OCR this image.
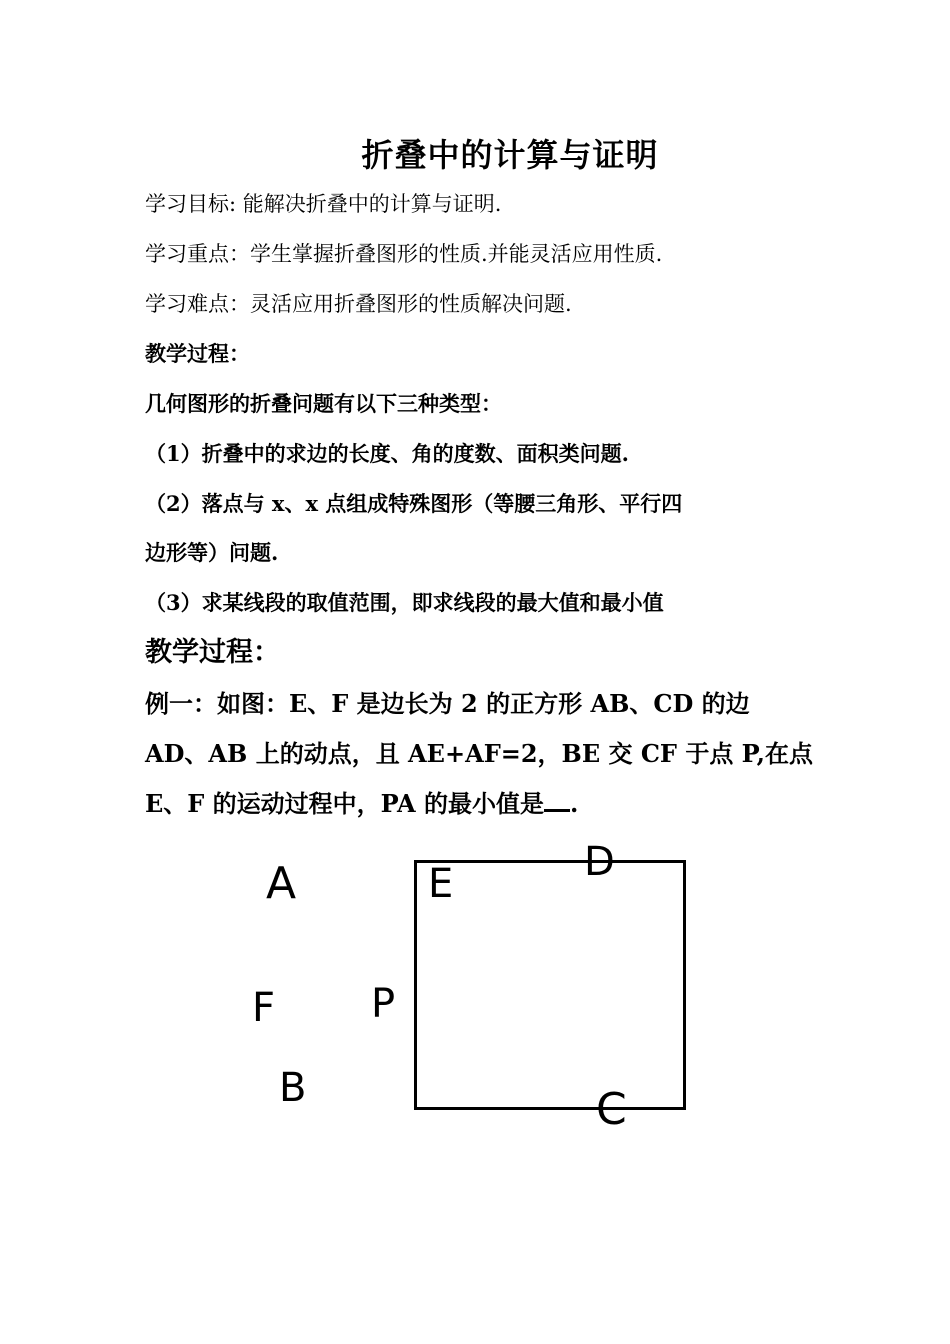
折叠中的计算与证明
学习目标: 能解决折叠中的计算与证明.
学习重点：学生掌握折叠图形的性质.并能灵活应用性质.
学习难点：灵活应用折叠图形的性质解决问题.
教学过程：
几何图形的折叠问题有以下三种类型：
（1）折叠中的求边的长度、角的度数、面积类问题.
（2）落点与 x、x 点组成特殊图形（等腰三角形、平行四
边形等）问题.
（3）求某线段的取值范围，即求线段的最大值和最小值
教学过程：
例一：如图：E、F 是边长为 2 的正方形 AB、CD 的边
AD、AB 上的动点，且 AE+AF=2，BE 交 CF 于点 P,在点
E、F 的运动过程中，PA 的最小值是 .
A	E	D
F P
B	C
